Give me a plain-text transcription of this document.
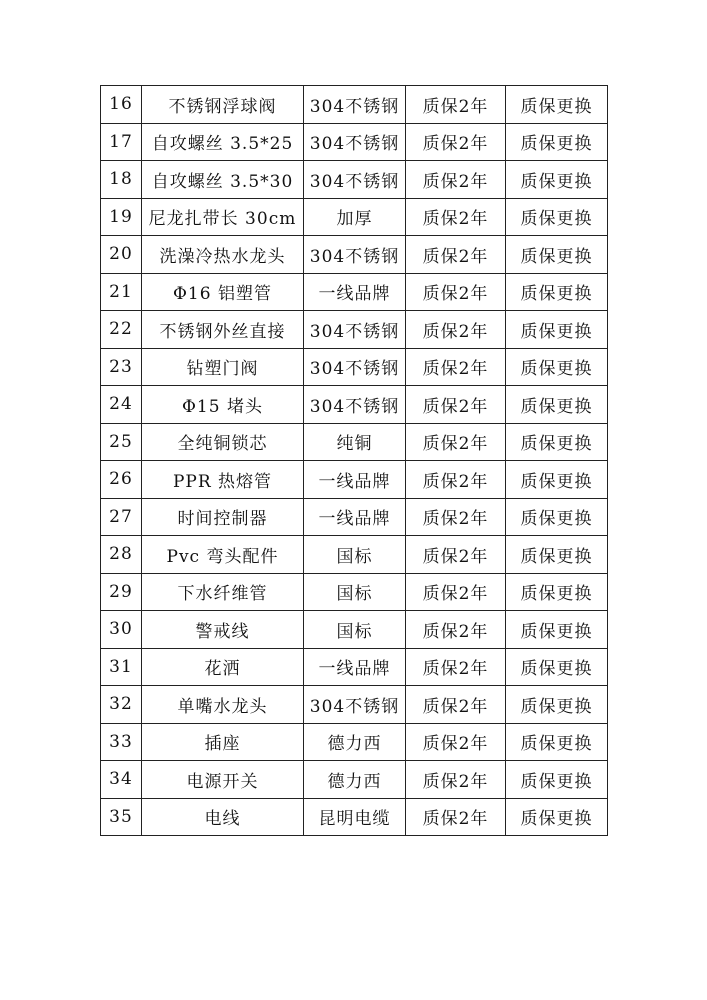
16	不锈钢浮球阀	304不锈钢	质保2年	质保更换
17	自攻螺丝 3.5*25	304不锈钢	质保2年	质保更换
18	自攻螺丝 3.5*30	304不锈钢	质保2年	质保更换
19	尼龙扎带长 30cm	加厚	质保2年	质保更换
20	洗澡冷热水龙头	304不锈钢	质保2年	质保更换
21	Φ16 铝塑管	一线品牌	质保2年	质保更换
22	不锈钢外丝直接	304不锈钢	质保2年	质保更换
23	钻塑门阀	304不锈钢	质保2年	质保更换
24	Φ15 堵头	304不锈钢	质保2年	质保更换
25	全纯铜锁芯	纯铜	质保2年	质保更换
26	PPR 热熔管	一线品牌	质保2年	质保更换
27	时间控制器	一线品牌	质保2年	质保更换
28	Pvc 弯头配件	国标	质保2年	质保更换
29	下水纤维管	国标	质保2年	质保更换
30	警戒线	国标	质保2年	质保更换
31	花洒	一线品牌	质保2年	质保更换
32	单嘴水龙头	304不锈钢	质保2年	质保更换
33	插座	德力西	质保2年	质保更换
34	电源开关	德力西	质保2年	质保更换
35	电线	昆明电缆	质保2年	质保更换
